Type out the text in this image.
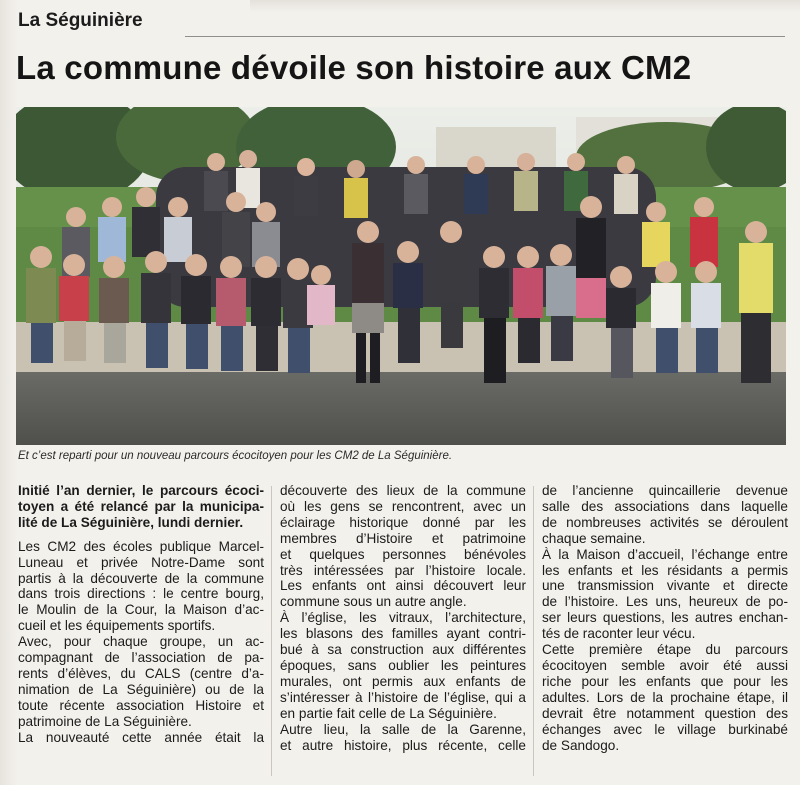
La Séguinière
La commune dévoile son histoire aux CM2
Et c’est reparti pour un nouveau parcours écocitoyen pour les CM2 de La Séguinière.
Initié l’an dernier, le parcours écoci-
toyen a été relancé par la municipa-
lité de La Séguinière, lundi dernier.
Les CM2 des écoles publique Marcel-
Luneau et privée Notre-Dame sont
partis à la découverte de la commune
dans trois directions : le centre bourg,
le Moulin de la Cour, la Maison d’ac-
cueil et les équipements sportifs.
Avec, pour chaque groupe, un ac-
compagnant de l’association de pa-
rents d’élèves, du CALS (centre d’a-
nimation de La Séguinière) ou de la
toute récente association Histoire et
patrimoine de La Séguinière.
La nouveauté cette année était la
découverte des lieux de la commune
où les gens se rencontrent, avec un
éclairage historique donné par les
membres d’Histoire et patrimoine
et quelques personnes bénévoles
très intéressées par l’histoire locale.
Les enfants ont ainsi découvert leur
commune sous un autre angle.
À l’église, les vitraux, l’architecture,
les blasons des familles ayant contri-
bué à sa construction aux différentes
époques, sans oublier les peintures
murales, ont permis aux enfants de
s’intéresser à l’histoire de l’église, qui a
en partie fait celle de La Séguinière.
Autre lieu, la salle de la Garenne,
et autre histoire, plus récente, celle
de l’ancienne quincaillerie devenue
salle des associations dans laquelle
de nombreuses activités se déroulent
chaque semaine.
À la Maison d’accueil, l’échange entre
les enfants et les résidants a permis
une transmission vivante et directe
de l’histoire. Les uns, heureux de po-
ser leurs questions, les autres enchan-
tés de raconter leur vécu.
Cette première étape du parcours
écocitoyen semble avoir été aussi
riche pour les enfants que pour les
adultes. Lors de la prochaine étape, il
devrait être notamment question des
échanges avec le village burkinabé
de Sandogo.
